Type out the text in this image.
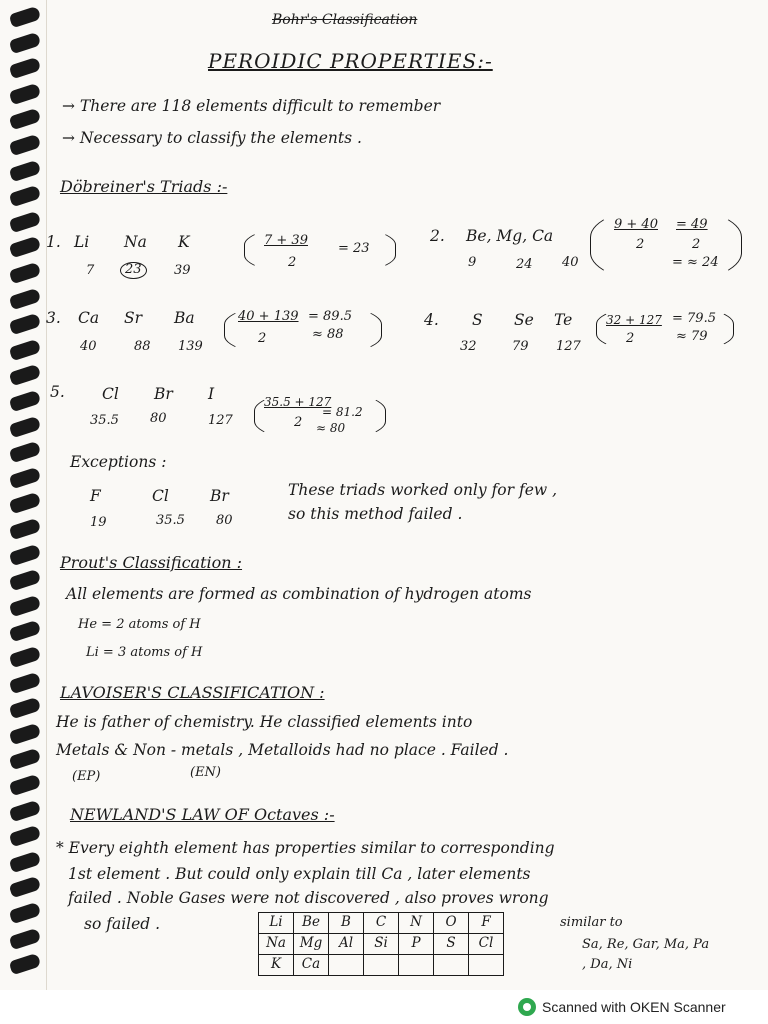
Bohr's Classification
PEROIDIC PROPERTIES:-
→ There are 118 elements difficult to remember
→ Necessary to classify the elements .
Döbreiner's Triads :-
1. Li Na K
7	23	39
7 + 39
2
= 23
2. Be, Mg, Ca
9	24 40
9 + 40
2
= 49
2
= ≈ 24
3. Ca Sr Ba
40	88 139
40 + 139
2
= 89.5
≈ 88
4. S Se Te
32	79 127
32 + 127
2
= 79.5
≈ 79
5. Cl Br I
35.5 80	127
35.5 + 127
2
= 81.2
≈ 80
Exceptions :
F	Cl	Br
19	35.5 80
These triads worked only for few ,
so this method failed .
Prout's Classification :
All elements are formed as combination of hydrogen atoms
He = 2 atoms of H
Li = 3 atoms of H
LAVOISER'S CLASSIFICATION :
He is father of chemistry. He classified elements into
Metals & Non - metals , Metalloids had no place . Failed .
(EP)	(EN)
NEWLAND'S LAW OF Octaves :-
* Every eighth element has properties similar to corresponding
1st element . But could only explain till Ca , later elements
failed . Noble Gases were not discovered , also proves wrong
so failed .	Li	Be	B	C	N	O	F
Na	Mg	Al	Si	P	S	Cl
K	Ca					
similar to
Sa, Re, Gar, Ma, Pa
, Da, Ni
Scanned with OKEN Scanner
